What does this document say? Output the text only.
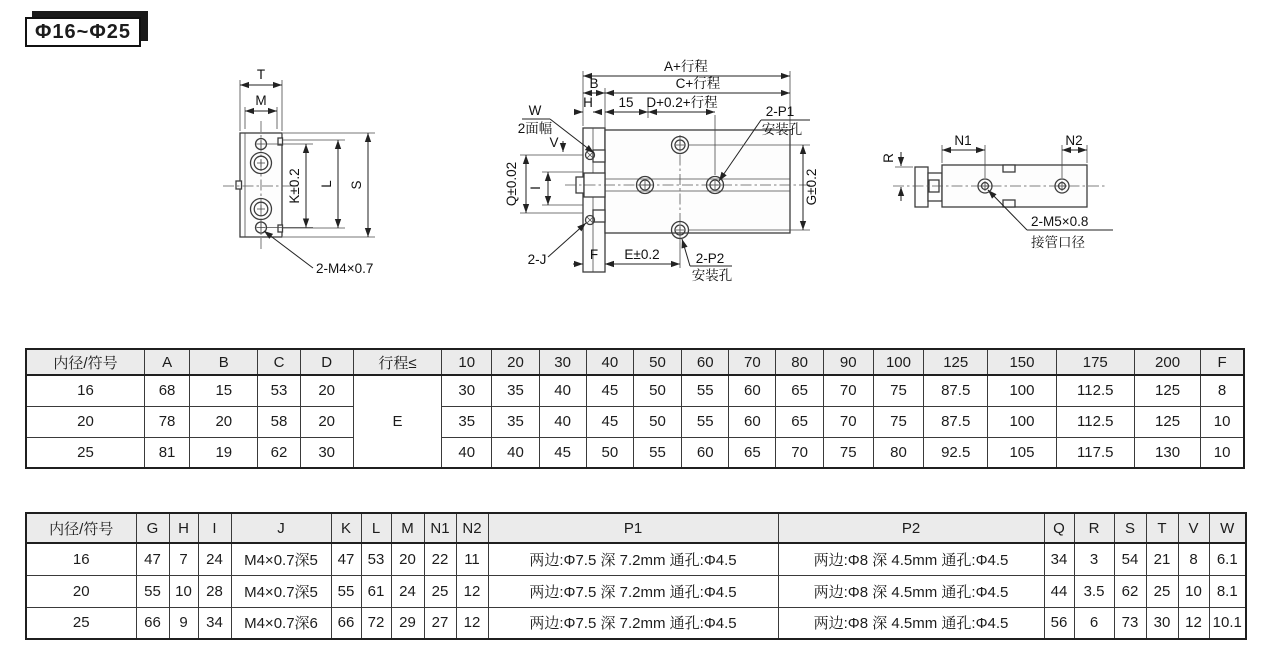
Φ16~Φ25
T
M
K±0.2 L S
2-M4×0.7
A+行程
C+行程
B
H 15 D+0.2+行程
2-P1
安装孔
W
2面幅
V
Q±0.02 I	G±0.2
2-J	F E±0.2	2-P2
安装孔
N1	N2
R
2-M5×0.8
接管口径
内径/符号	A	B	C	D	行程≤	10	20	30	40	50	60	70	80	90	100	125	150	175	200	F
16	68	15	53	20	E	30	35	40	45	50	55	60	65	70	75	87.5	100	112.5	125	8
20	78	20	58	20		35	35	40	45	50	55	60	65	70	75	87.5	100	112.5	125	10
25	81	19	62	30		40	40	45	50	55	60	65	70	75	80	92.5	105	117.5	130	10
内径/符号	G	H	I	J	K	L	M	N1	N2	P1	P2	Q	R	S	T	V	W
16	47	7	24	M4×0.7深5	47	53	20	22	11	两边:Φ7.5 深 7.2mm 通孔:Φ4.5	两边:Φ8 深 4.5mm 通孔:Φ4.5	34	3	54	21	8	6.1
20	55	10	28	M4×0.7深5	55	61	24	25	12	两边:Φ7.5 深 7.2mm 通孔:Φ4.5	两边:Φ8 深 4.5mm 通孔:Φ4.5	44	3.5	62	25	10	8.1
25	66	9	34	M4×0.7深6	66	72	29	27	12	两边:Φ7.5 深 7.2mm 通孔:Φ4.5	两边:Φ8 深 4.5mm 通孔:Φ4.5	56	6	73	30	12	10.1
